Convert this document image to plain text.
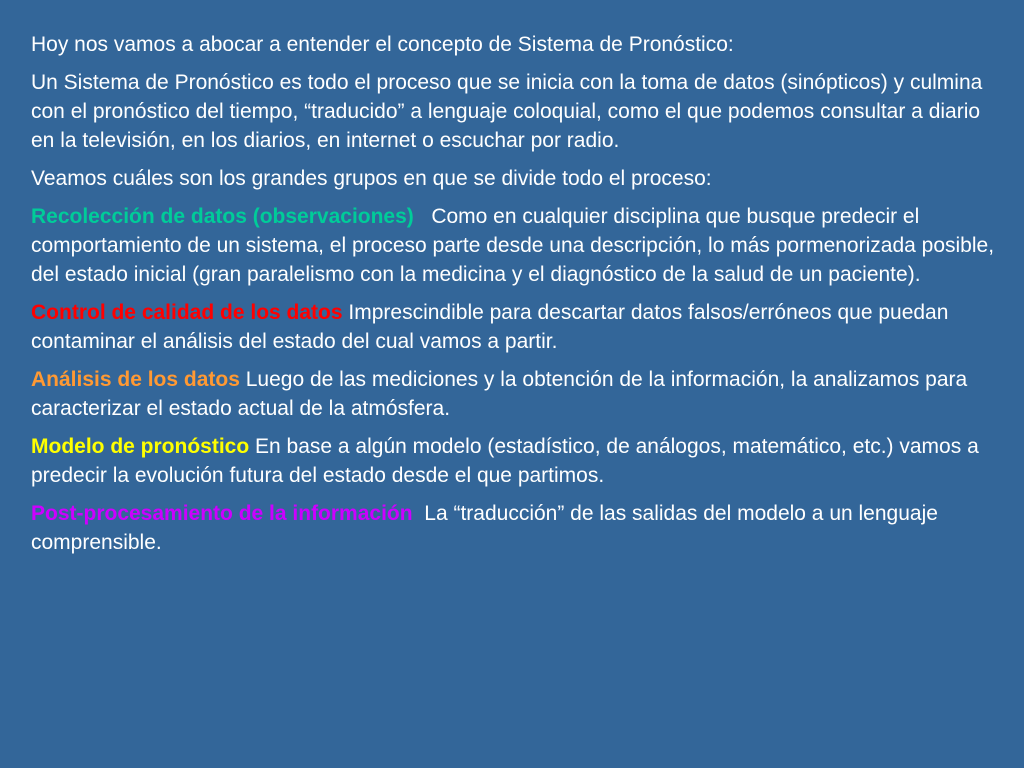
Hoy nos vamos a abocar a entender el concepto de Sistema de Pronóstico:

Un Sistema de Pronóstico es todo el proceso que se inicia con la toma de datos (sinópticos) y culmina con el pronóstico del tiempo, “traducido” a lenguaje coloquial, como el que podemos consultar a diario en la televisión, en los diarios, en internet o escuchar por radio.

Veamos cuáles son los grandes grupos en que se divide todo el proceso:

Recolección de datos (observaciones) Como en cualquier disciplina que busque predecir el comportamiento de un sistema, el proceso parte desde una descripción, lo más pormenorizada posible, del estado inicial (gran paralelismo con la medicina y el diagnóstico de la salud de un paciente).

Control de calidad de los datos Imprescindible para descartar datos falsos/erróneos que puedan contaminar el análisis del estado del cual vamos a partir.

Análisis de los datos Luego de las mediciones y la obtención de la información, la analizamos para caracterizar el estado actual de la atmósfera.

Modelo de pronóstico En base a algún modelo (estadístico, de análogos, matemático, etc.) vamos a predecir la evolución futura del estado desde el que partimos.

Post-procesamiento de la información La “traducción” de las salidas del modelo a un lenguaje comprensible.
